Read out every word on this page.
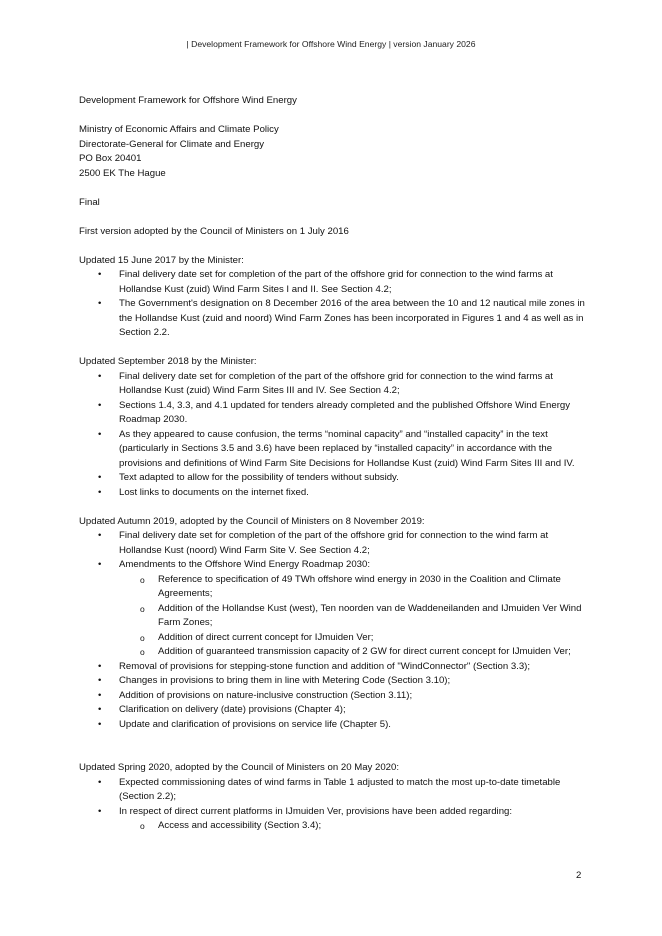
| Development Framework for Offshore Wind Energy | version January 2026

Development Framework for Offshore Wind Energy

Ministry of Economic Affairs and Climate Policy
Directorate-General for Climate and Energy
PO Box 20401
2500 EK The Hague

Final

First version adopted by the Council of Ministers on 1 July 2016

Updated 15 June 2017 by the Minister:
• Final delivery date set for completion of the part of the offshore grid for connection to the wind farms at Hollandse Kust (zuid) Wind Farm Sites I and II. See Section 4.2;
• The Government's designation on 8 December 2016 of the area between the 10 and 12 nautical mile zones in the Hollandse Kust (zuid and noord) Wind Farm Zones has been incorporated in Figures 1 and 4 as well as in Section 2.2.
Updated September 2018 by the Minister:
• Final delivery date set for completion of the part of the offshore grid for connection to the wind farms at Hollandse Kust (zuid) Wind Farm Sites III and IV. See Section 4.2;
• Sections 1.4, 3.3, and 4.1 updated for tenders already completed and the published Offshore Wind Energy Roadmap 2030.
• As they appeared to cause confusion, the terms “nominal capacity” and “installed capacity” in the text (particularly in Sections 3.5 and 3.6) have been replaced by “installed capacity” in accordance with the provisions and definitions of Wind Farm Site Decisions for Hollandse Kust (zuid) Wind Farm Sites III and IV.
• Text adapted to allow for the possibility of tenders without subsidy.
• Lost links to documents on the internet fixed.
Updated Autumn 2019, adopted by the Council of Ministers on 8 November 2019:
• Final delivery date set for completion of the part of the offshore grid for connection to the wind farm at Hollandse Kust (noord) Wind Farm Site V. See Section 4.2;
• Amendments to the Offshore Wind Energy Roadmap 2030:
o Reference to specification of 49 TWh offshore wind energy in 2030 in the Coalition and Climate Agreements;
o Addition of the Hollandse Kust (west), Ten noorden van de Waddeneilanden and IJmuiden Ver Wind Farm Zones;
o Addition of direct current concept for IJmuiden Ver;
o Addition of guaranteed transmission capacity of 2 GW for direct current concept for IJmuiden Ver;
• Removal of provisions for stepping-stone function and addition of "WindConnector" (Section 3.3);
• Changes in provisions to bring them in line with Metering Code (Section 3.10);
• Addition of provisions on nature-inclusive construction (Section 3.11);
• Clarification on delivery (date) provisions (Chapter 4);
• Update and clarification of provisions on service life (Chapter 5).
Updated Spring 2020, adopted by the Council of Ministers on 20 May 2020:
• Expected commissioning dates of wind farms in Table 1 adjusted to match the most up-to-date timetable (Section 2.2);
• In respect of direct current platforms in IJmuiden Ver, provisions have been added regarding:
o Access and accessibility (Section 3.4);
2
